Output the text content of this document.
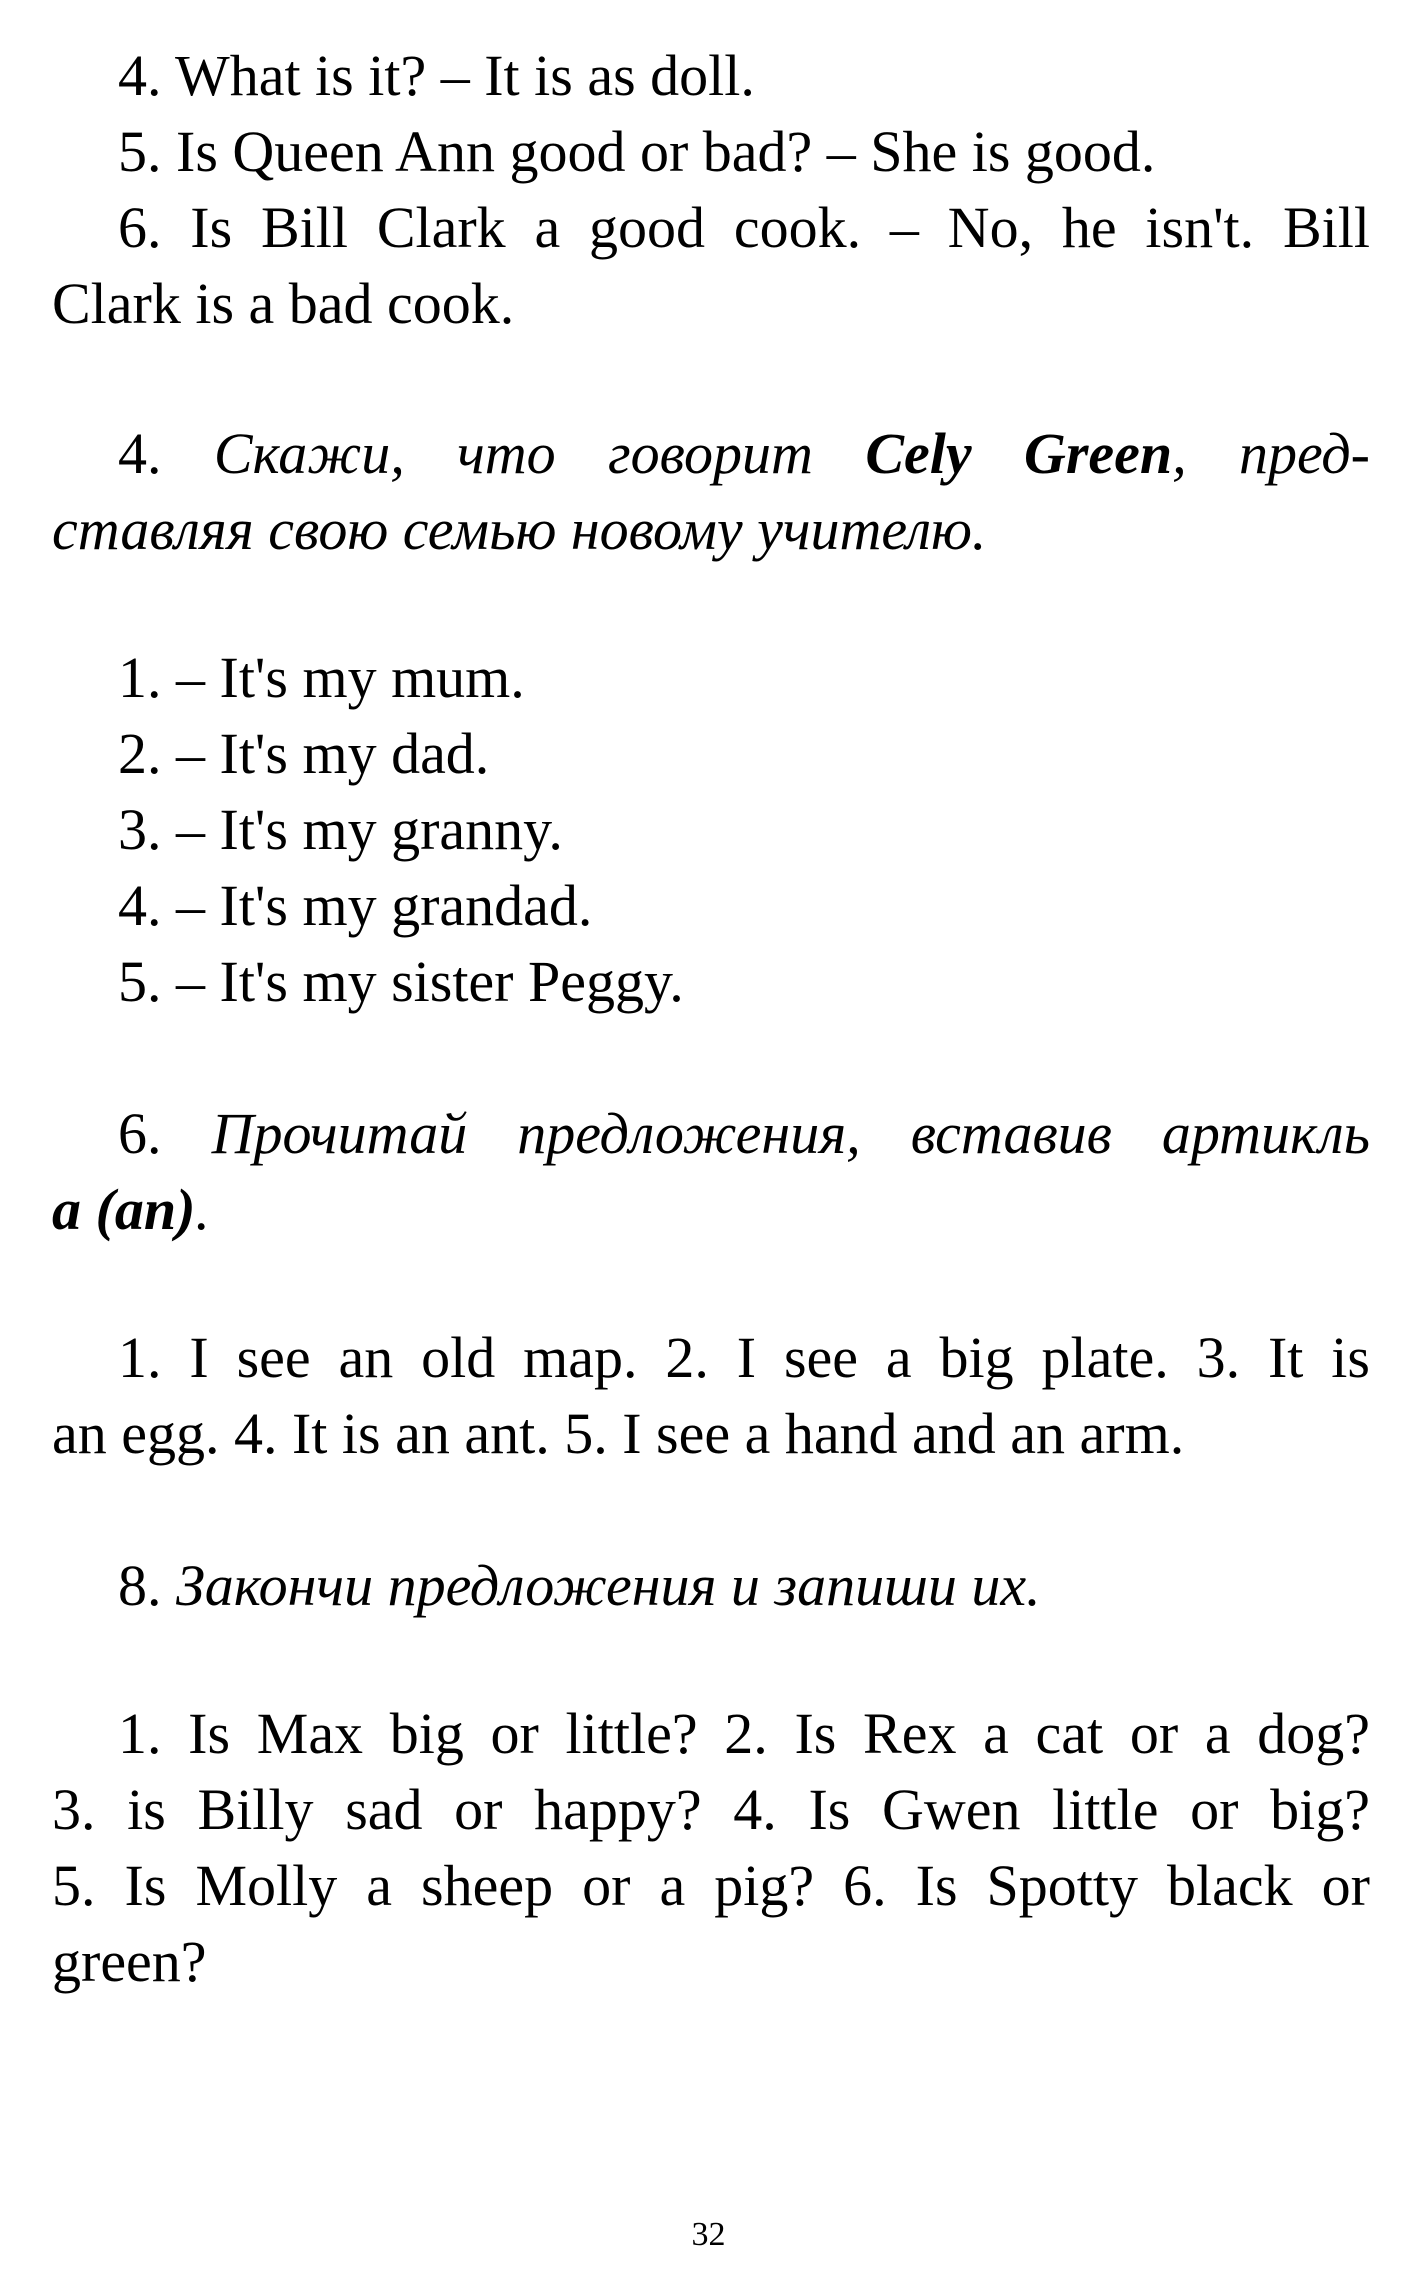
4. What is it? – It is as doll.
5. Is Queen Ann good or bad? – She is good.
6. Is Bill Clark a good cook. – No, he isn't. Bill
Clark is a bad cook.
4. Скажи, что говорит Cely Green, пред-
ставляя свою семью новому учителю.
1. – It's my mum.
2. – It's my dad.
3. – It's my granny.
4. – It's my grandad.
5. – It's my sister Peggy.
6. Прочитай предложения, вставив артикль
a (an).
1. I see an old map. 2. I see a big plate. 3. It is
an egg. 4. It is an ant. 5. I see a hand and an arm.
8. Закончи предложения и запиши их.
1. Is Max big or little? 2. Is Rex a cat or a dog?
3. is Billy sad or happy? 4. Is Gwen little or big?
5. Is Molly a sheep or a pig? 6. Is Spotty black or
green?
32
